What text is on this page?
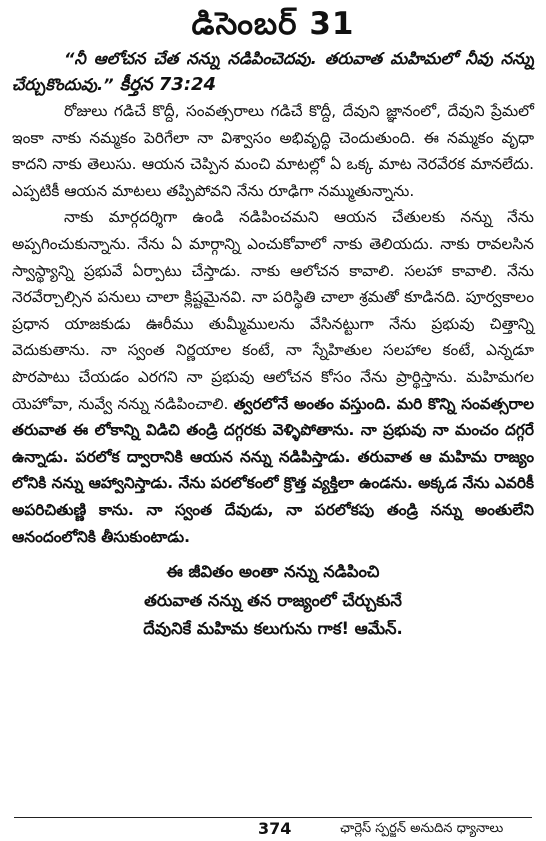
డిసెంబర్ 31

“నీ ఆలోచన చేత నన్ను నడిపించెదవు. తరువాత మహిమలో నీవు నన్ను చేర్చుకొందువు.” కీర్తన 73:24

రోజులు గడిచే కొద్దీ, సంవత్సరాలు గడిచే కొద్దీ, దేవుని జ్ఞానంలో, దేవుని ప్రేమలో ఇంకా నాకు నమ్మకం పెరిగేలా నా విశ్వాసం అభివృద్ధి చెందుతుంది. ఈ నమ్మకం వృధా కాదని నాకు తెలుసు. ఆయన చెప్పిన మంచి మాటల్లో ఏ ఒక్క మాట నెరవేరక మానలేదు. ఎప్పటికీ ఆయన మాటలు తప్పిపోవని నేను రూఢిగా నమ్ముతున్నాను.

నాకు మార్గదర్శిగా ఉండి నడిపించమని ఆయన చేతులకు నన్ను నేను అప్పగించుకున్నాను. నేను ఏ మార్గాన్ని ఎంచుకోవాలో నాకు తెలియదు. నాకు రావలసిన స్వాస్థ్యాన్ని ప్రభువే ఏర్పాటు చేస్తాడు. నాకు ఆలోచన కావాలి. సలహా కావాలి. నేను నెరవేర్చాల్సిన పనులు చాలా క్లిష్టమైనవి. నా పరిస్థితి చాలా శ్రమతో కూడినది. పూర్వకాలం ప్రధాన యాజకుడు ఊరీము తుమ్మీములను వేసినట్టుగా నేను ప్రభువు చిత్తాన్ని వెదుకుతాను. నా స్వంత నిర్ణయాల కంటే, నా స్నేహితుల సలహాల కంటే, ఎన్నడూ పొరపాటు చేయడం ఎరగని నా ప్రభువు ఆలోచన కోసం నేను ప్రార్థిస్తాను. మహిమగల యెహోవా, నువ్వే నన్ను నడిపించాలి. త్వరలోనే అంతం వస్తుంది. మరి కొన్ని సంవత్సరాల తరువాత ఈ లోకాన్ని విడిచి తండ్రి దగ్గరకు వెళ్ళిపోతాను. నా ప్రభువు నా మంచం దగ్గరే ఉన్నాడు. పరలోక ద్వారానికి ఆయన నన్ను నడిపిస్తాడు. తరువాత ఆ మహిమ రాజ్యం లోనికి నన్ను ఆహ్వానిస్తాడు. నేను పరలోకంలో క్రొత్త వ్యక్తిలా ఉండను. అక్కడ నేను ఎవరికీ అపరిచితుణ్ణి కాను. నా స్వంత దేవుడు, నా పరలోకపు తండ్రి నన్ను అంతులేని ఆనందంలోనికి తీసుకుంటాడు.

ఈ జీవితం అంతా నన్ను నడిపించి
తరువాత నన్ను తన రాజ్యంలో చేర్చుకునే
దేవునికే మహిమ కలుగును గాక! ఆమేన్.
374	ఛార్లెస్ స్పర్జన్ అనుదిన ధ్యానాలు
